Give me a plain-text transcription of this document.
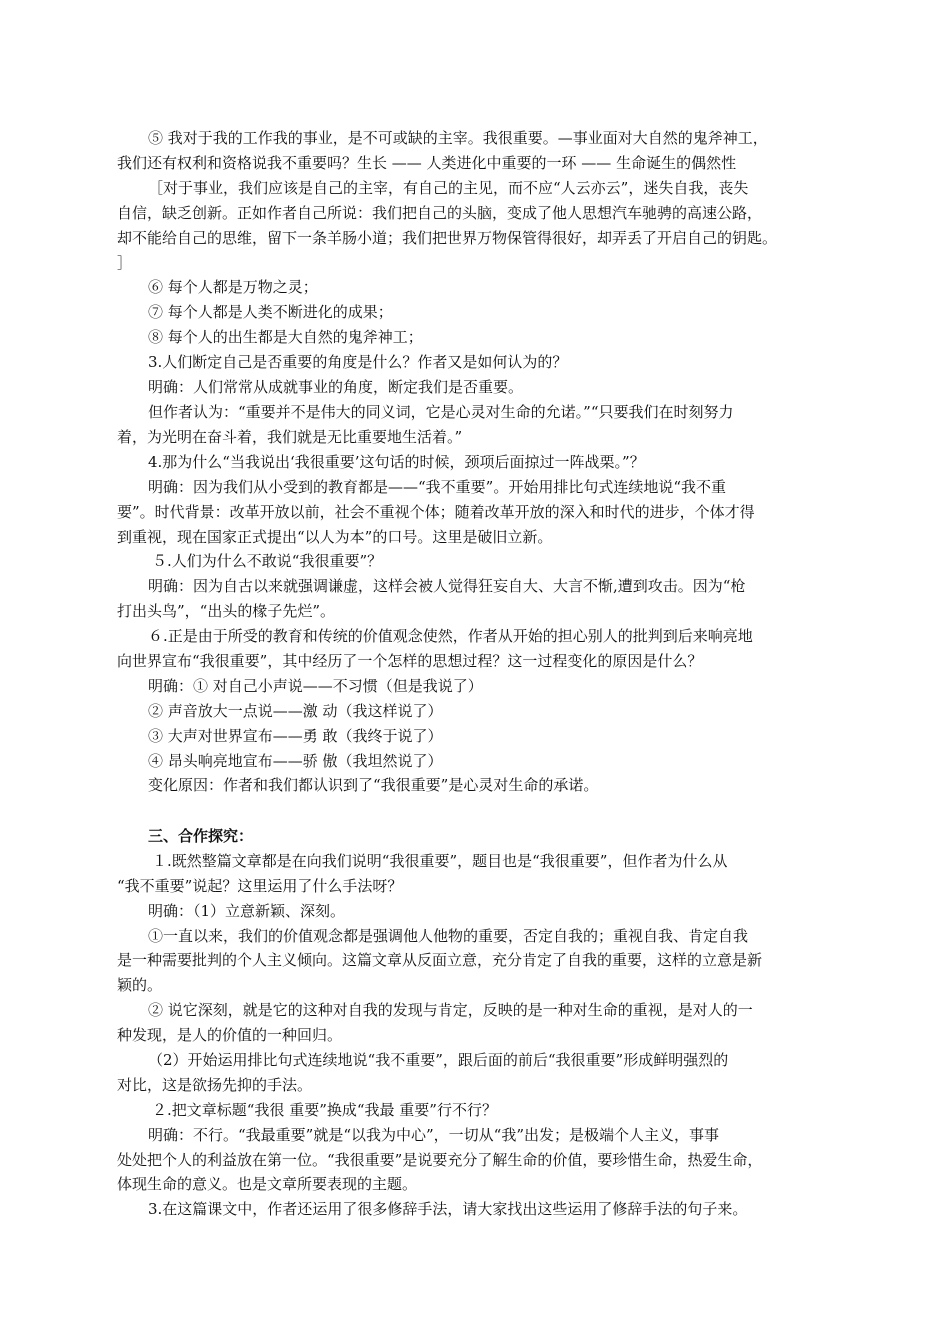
⑤ 我对于我的工作我的事业，是不可或缺的主宰。我很重要。—事业面对大自然的鬼斧神工，
我们还有权利和资格说我不重要吗？生长 —— 人类进化中重要的一环 —— 生命诞生的偶然性
［对于事业，我们应该是自己的主宰，有自己的主见，而不应“人云亦云”，迷失自我，丧失
自信，缺乏创新。正如作者自己所说：我们把自己的头脑，变成了他人思想汽车驰骋的高速公路，
却不能给自己的思维，留下一条羊肠小道；我们把世界万物保管得很好，却弄丢了开启自己的钥匙。
］
⑥ 每个人都是万物之灵；
⑦ 每个人都是人类不断进化的成果；
⑧ 每个人的出生都是大自然的鬼斧神工；
3.人们断定自己是否重要的角度是什么？作者又是如何认为的？
明确：人们常常从成就事业的角度，断定我们是否重要。
但作者认为：“重要并不是伟大的同义词，它是心灵对生命的允诺。”“只要我们在时刻努力
着，为光明在奋斗着，我们就是无比重要地生活着。”
4.那为什么“当我说出‘我很重要’这句话的时候，颈项后面掠过一阵战栗。”？
明确：因为我们从小受到的教育都是——“我不重要”。开始用排比句式连续地说“我不重
要”。时代背景：改革开放以前，社会不重视个体；随着改革开放的深入和时代的进步，个体才得
到重视，现在国家正式提出“以人为本”的口号。这里是破旧立新。
５.人们为什么不敢说“我很重要”？
明确：因为自古以来就强调谦虚，这样会被人觉得狂妄自大、大言不惭,遭到攻击。因为“枪
打出头鸟”，“出头的椽子先烂”。
６.正是由于所受的教育和传统的价值观念使然，作者从开始的担心别人的批判到后来响亮地
向世界宣布“我很重要”，其中经历了一个怎样的思想过程？这一过程变化的原因是什么？
明确：① 对自己小声说——不习惯（但是我说了）
② 声音放大一点说——激 动（我这样说了）
③ 大声对世界宣布——勇 敢（我终于说了）
④ 昂头响亮地宣布——骄 傲（我坦然说了）
变化原因：作者和我们都认识到了“我很重要”是心灵对生命的承诺。
三、合作探究：
１.既然整篇文章都是在向我们说明“我很重要”，题目也是“我很重要”，但作者为什么从
“我不重要”说起？这里运用了什么手法呀？
明确：（1）立意新颖、深刻。
①一直以来，我们的价值观念都是强调他人他物的重要，否定自我的；重视自我、肯定自我
是一种需要批判的个人主义倾向。这篇文章从反面立意，充分肯定了自我的重要，这样的立意是新
颖的。
② 说它深刻，就是它的这种对自我的发现与肯定，反映的是一种对生命的重视，是对人的一
种发现，是人的价值的一种回归。
（2）开始运用排比句式连续地说“我不重要”，跟后面的前后“我很重要”形成鲜明强烈的
对比，这是欲扬先抑的手法。
２.把文章标题“我很 重要”换成“我最 重要”行不行？
明确：不行。“我最重要”就是“以我为中心”，一切从“我”出发；是极端个人主义，事事
处处把个人的利益放在第一位。“我很重要”是说要充分了解生命的价值，要珍惜生命，热爱生命，
体现生命的意义。也是文章所要表现的主题。
3.在这篇课文中，作者还运用了很多修辞手法，请大家找出这些运用了修辞手法的句子来。
